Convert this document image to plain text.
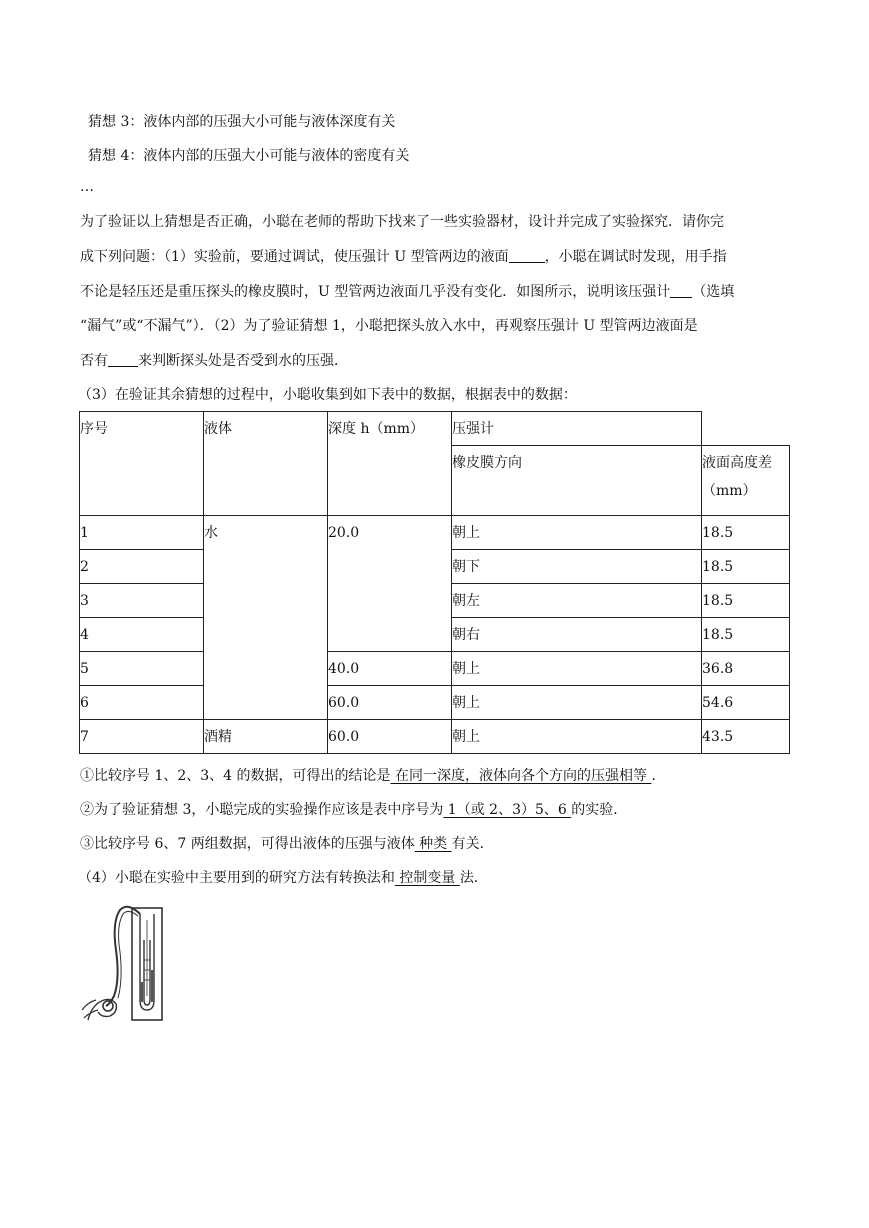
猜想 3：液体内部的压强大小可能与液体深度有关
猜想 4：液体内部的压强大小可能与液体的密度有关
…
为了验证以上猜想是否正确，小聪在老师的帮助下找来了一些实验器材，设计并完成了实验探究．请你完
成下列问题：（1）实验前，要通过调试，使压强计 U 型管两边的液面	，小聪在调试时发现，用手指
不论是轻压还是重压探头的橡皮膜时，U 型管两边液面几乎没有变化．如图所示，说明该压强计 （选填
“漏气”或“不漏气”）．（2）为了验证猜想 1，小聪把探头放入水中，再观察压强计 U 型管两边液面是
否有 来判断探头处是否受到水的压强．
（3）在验证其余猜想的过程中，小聪收集到如下表中的数据，根据表中的数据：
序号	液体	深度 h（mm）	压强计	

			橡皮膜方向	液面高度差
（mm）

1	水	20.0	朝上	18.5

2			朝下	18.5

3			朝左	18.5

4			朝右	18.5

5		40.0	朝上	36.8

6		60.0	朝上	54.6

7	酒精	60.0	朝上	43.5
①比较序号 1、2、3、4 的数据，可得出的结论是 在同一深度，液体向各个方向的压强相等 ．
②为了验证猜想 3，小聪完成的实验操作应该是表中序号为 1（或 2、3）5、6 的实验．
③比较序号 6、7 两组数据，可得出液体的压强与液体 种类 有关．
（4）小聪在实验中主要用到的研究方法有转换法和 控制变量 法．
